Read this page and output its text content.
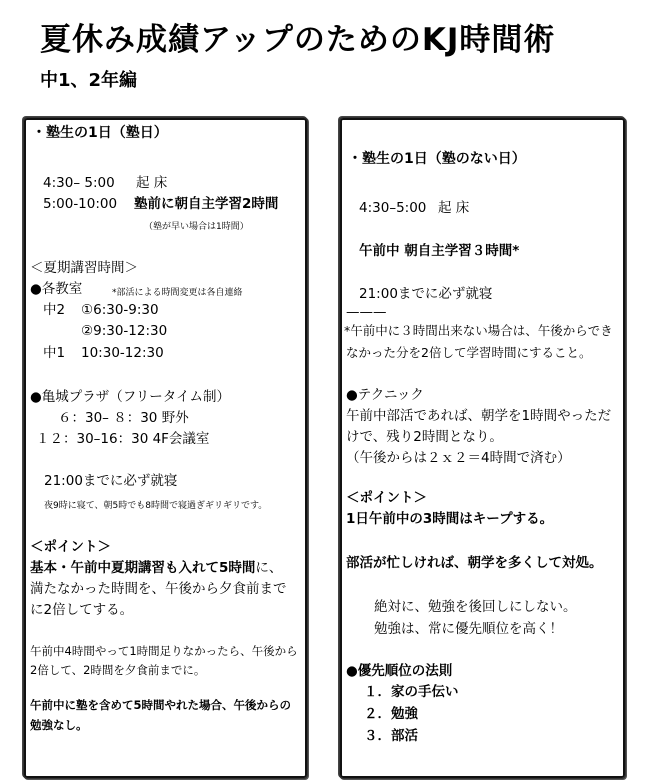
夏休み成績アップのためのKJ時間術
中1、2年編
・塾生の1日（塾日）
4:30– 5:00 起 床
5:00-10:00 塾前に朝自主学習2時間
（塾が早い場合は1時間）
＜夏期講習時間＞
●各教室	*部活による時間変更は各自連絡
中2 ①6:30-9:30
②9:30-12:30
中1 10:30-12:30
●亀城プラザ（フリータイム制）
６：30– ８：30 野外
１２：30–16：30 4F会議室
21:00までに必ず就寝
夜9時に寝て、朝5時でも8時間で寝過ぎギリギリです。
＜ポイント＞
基本・午前中夏期講習も入れて5時間に、
満たなかった時間を、午後から夕食前まで
に2倍してする。
午前中4時間やって1時間足りなかったら、午後から
2倍して、2時間を夕食前までに。
午前中に塾を含めて5時間やれた場合、午後からの
勉強なし。
・塾生の1日（塾のない日）
4:30–5:00 起 床
午前中 朝自主学習３時間*
21:00までに必ず就寝
———
*午前中に３時間出来ない場合は、午後からでき
なかった分を2倍して学習時間にすること。
●テクニック
午前中部活であれば、朝学を1時間やっただ
けで、残り2時間となり。
（午後からは２ｘ２＝4時間で済む）
＜ポイント＞
1日午前中の3時間はキープする。
部活が忙しければ、朝学を多くして対処。
絶対に、勉強を後回しにしない。
勉強は、常に優先順位を高く！
●優先順位の法則
１．家の手伝い
２．勉強
３．部活
